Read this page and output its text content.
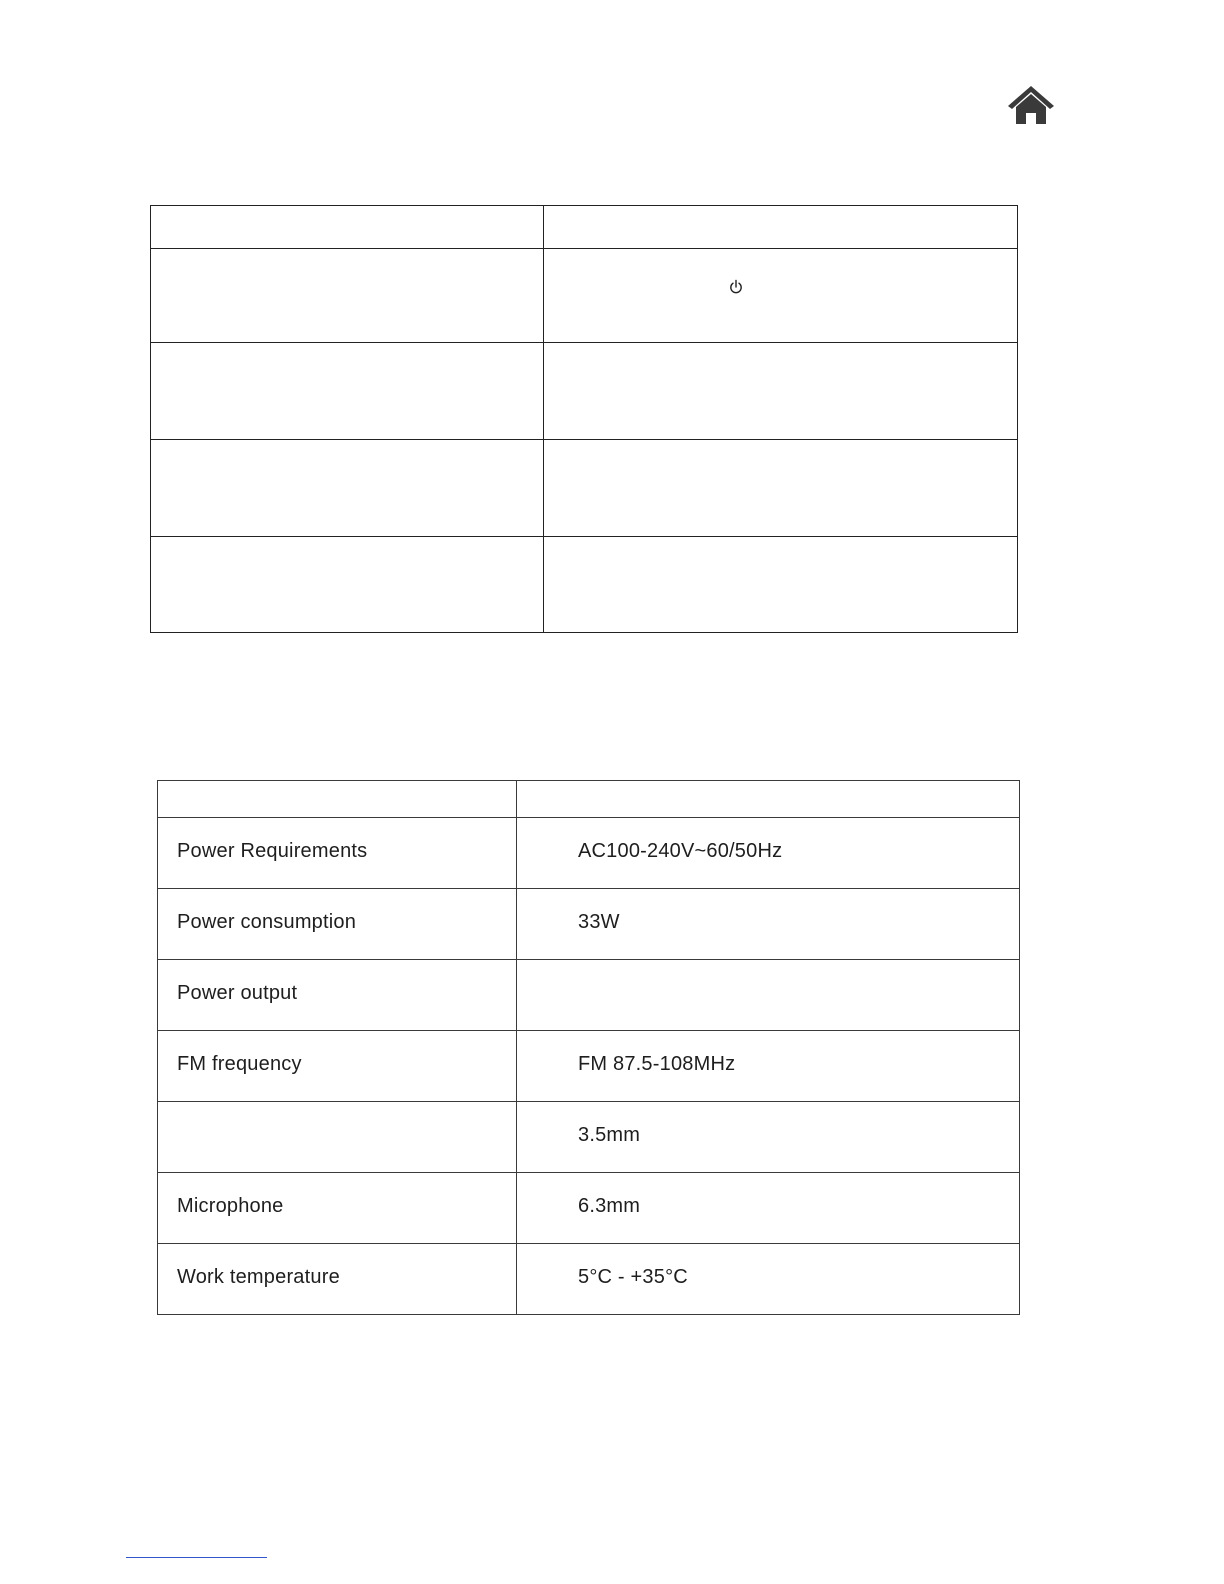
Power Requirements	AC100-240V~60/50Hz
Power consumption	33W
Power output	
FM frequency	FM 87.5-108MHz
	3.5mm
Microphone	6.3mm
Work temperature	5°C - +35°C
